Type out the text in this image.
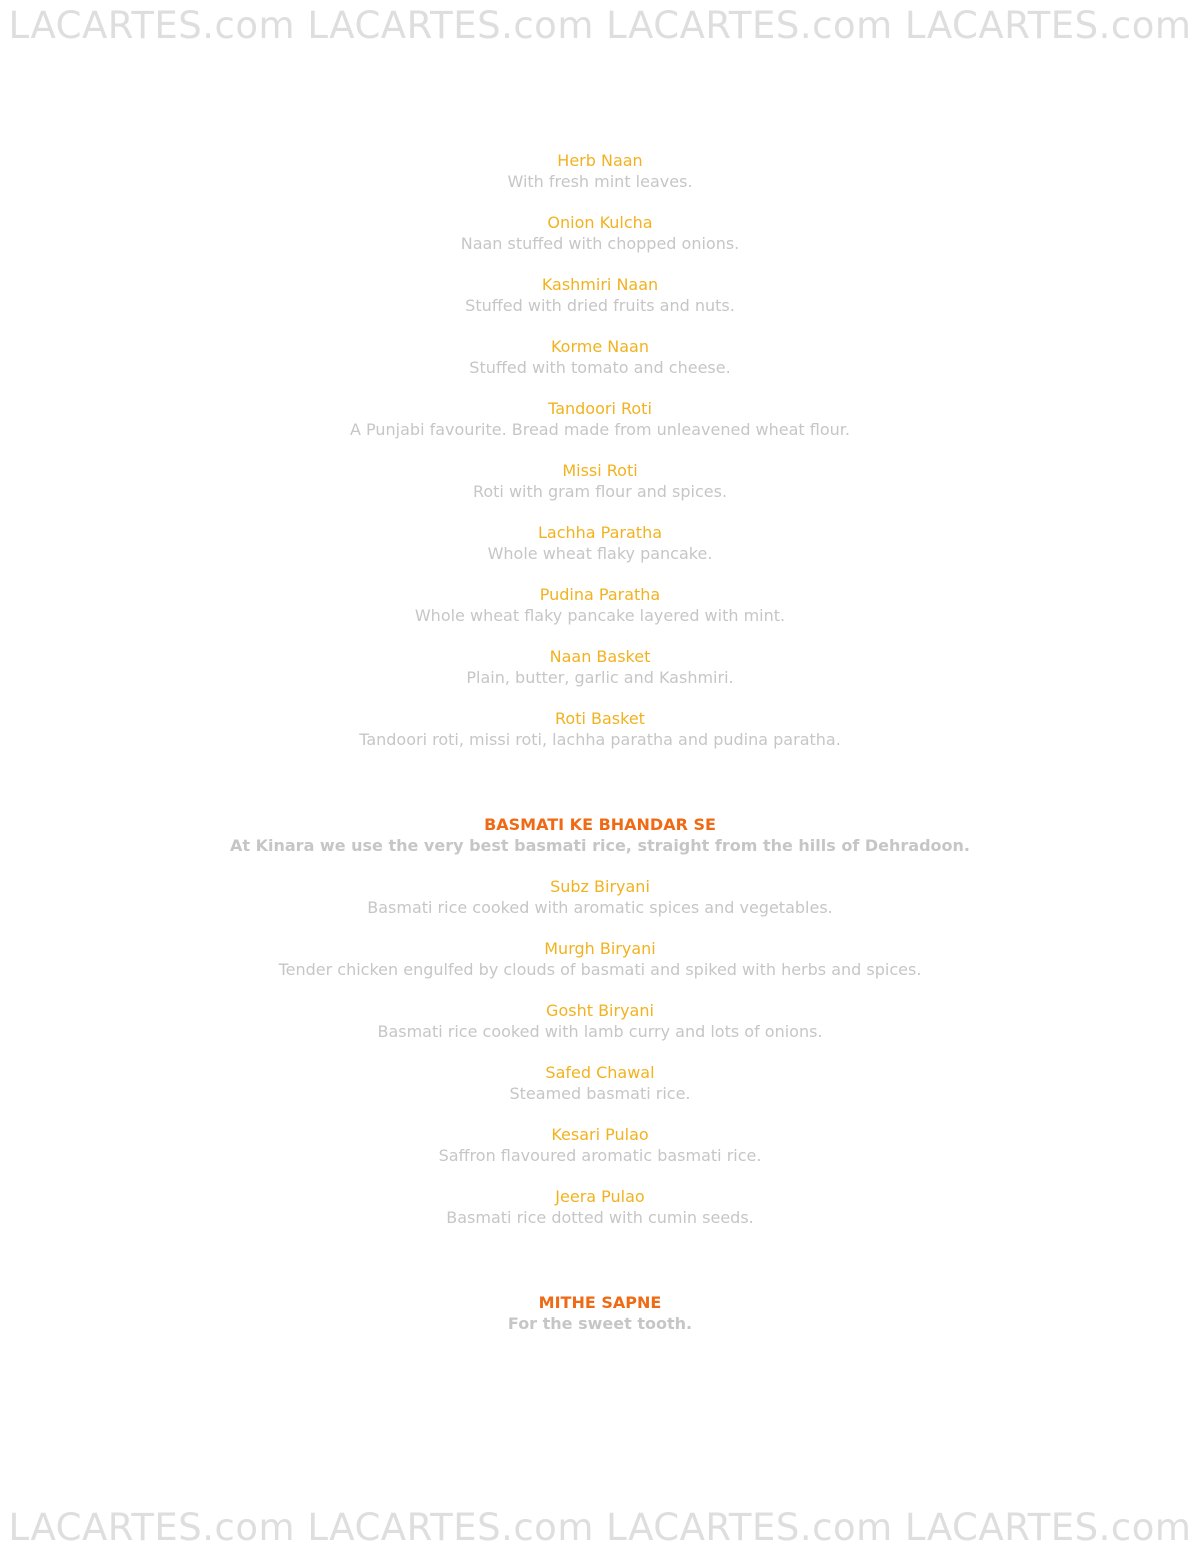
LACARTES.com LACARTES.com LACARTES.com LACARTES.com

Herb Naan

With fresh mint leaves.

Onion Kulcha

Naan stuffed with chopped onions.

Kashmiri Naan

Stuffed with dried fruits and nuts.

Korme Naan

Stuffed with tomato and cheese.

Tandoori Roti

A Punjabi favourite. Bread made from unleavened wheat flour.

Missi Roti

Roti with gram flour and spices.

Lachha Paratha

Whole wheat flaky pancake.

Pudina Paratha

Whole wheat flaky pancake layered with mint.

Naan Basket

Plain, butter, garlic and Kashmiri.

Roti Basket

Tandoori roti, missi roti, lachha paratha and pudina paratha.

BASMATI KE BHANDAR SE

At Kinara we use the very best basmati rice, straight from the hills of Dehradoon.

Subz Biryani

Basmati rice cooked with aromatic spices and vegetables.

Murgh Biryani

Tender chicken engulfed by clouds of basmati and spiked with herbs and spices.

Gosht Biryani

Basmati rice cooked with lamb curry and lots of onions.

Safed Chawal

Steamed basmati rice.

Kesari Pulao

Saffron flavoured aromatic basmati rice.

Jeera Pulao

Basmati rice dotted with cumin seeds.

MITHE SAPNE

For the sweet tooth.

LACARTES.com LACARTES.com LACARTES.com LACARTES.com
